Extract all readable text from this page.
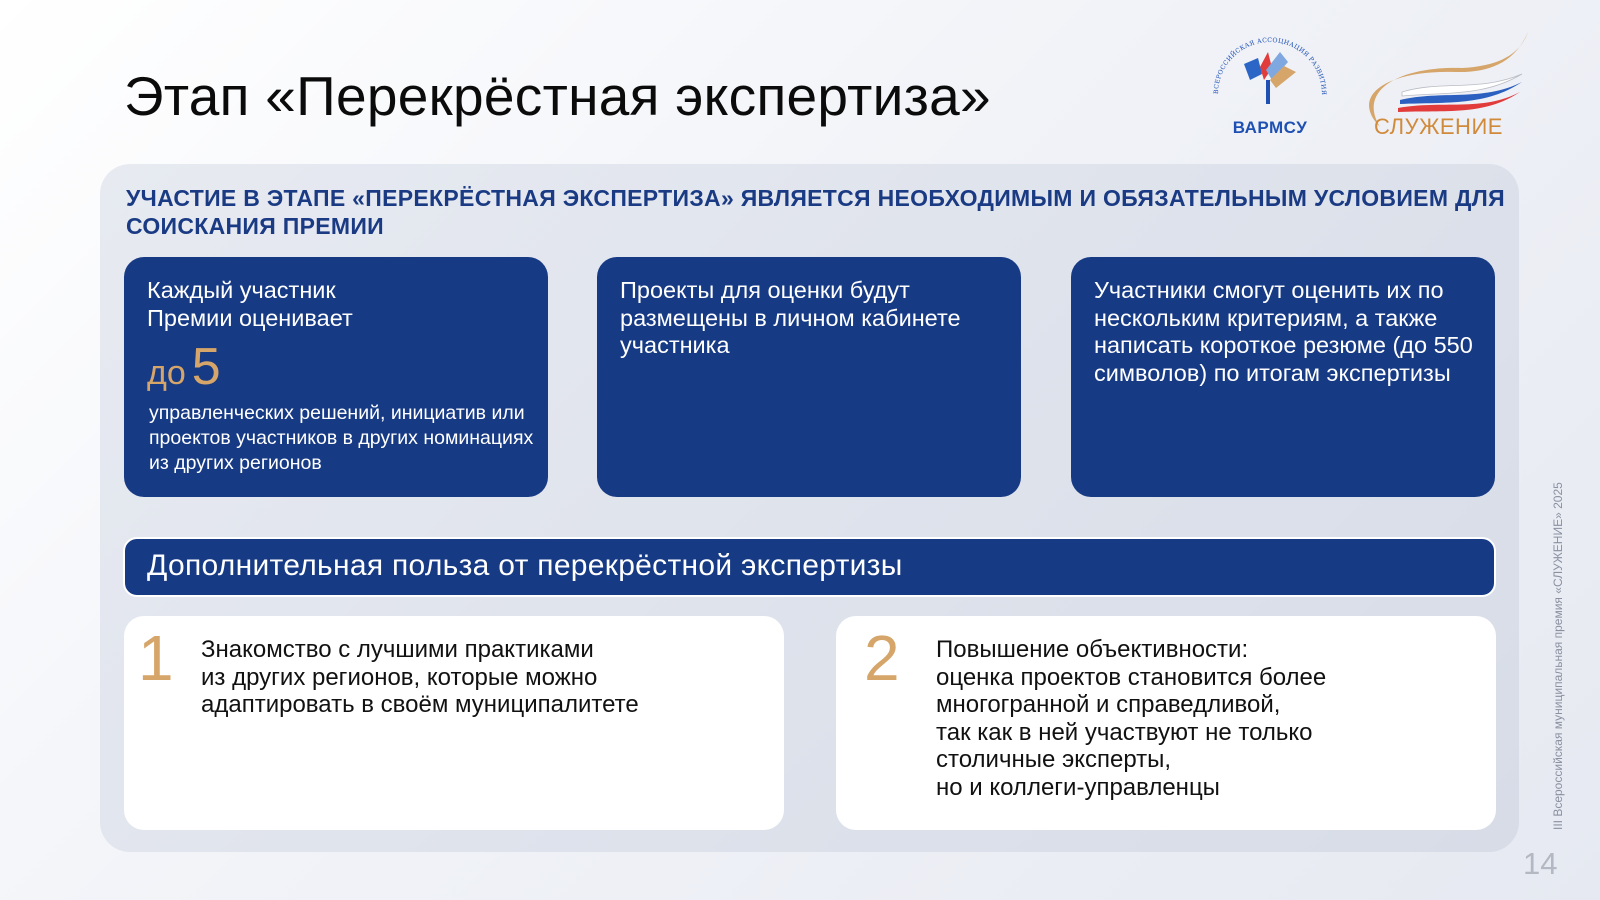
Этап «Перекрёстная экспертиза»	ВСЕРОССИЙСКАЯ АССОЦИАЦИЯ РАЗВИТИЯ
ВАРМСУ	СЛУЖЕНИЕ

УЧАСТИЕ В ЭТАПЕ «ПЕРЕКРЁСТНАЯ ЭКСПЕРТИЗА» ЯВЛЯЕТСЯ НЕОБХОДИМЫМ И ОБЯЗАТЕЛЬНЫМ УСЛОВИЕМ ДЛЯ СОИСКАНИЯ ПРЕМИИ

Каждый участник Премии оценивает

до 5

управленческих решений, инициатив или проектов участников в других номинациях из других регионов

Проекты для оценки будут размещены в личном кабинете участника

Участники смогут оценить их по нескольким критериям, а также написать короткое резюме (до 550 символов) по итогам экспертизы

Дополнительная польза от перекрёстной экспертизы
1 Знакомство с лучшими практиками
из других регионов, которые можно
адаптировать в своём муниципалитете

2 Повышение объективности:
оценка проектов становится более
многогранной и справедливой,
так как в ней участвуют не только
столичные эксперты,
но и коллеги-управленцы	III Всероссийская муниципальная премия «СЛУЖЕНИЕ» 2025
14
